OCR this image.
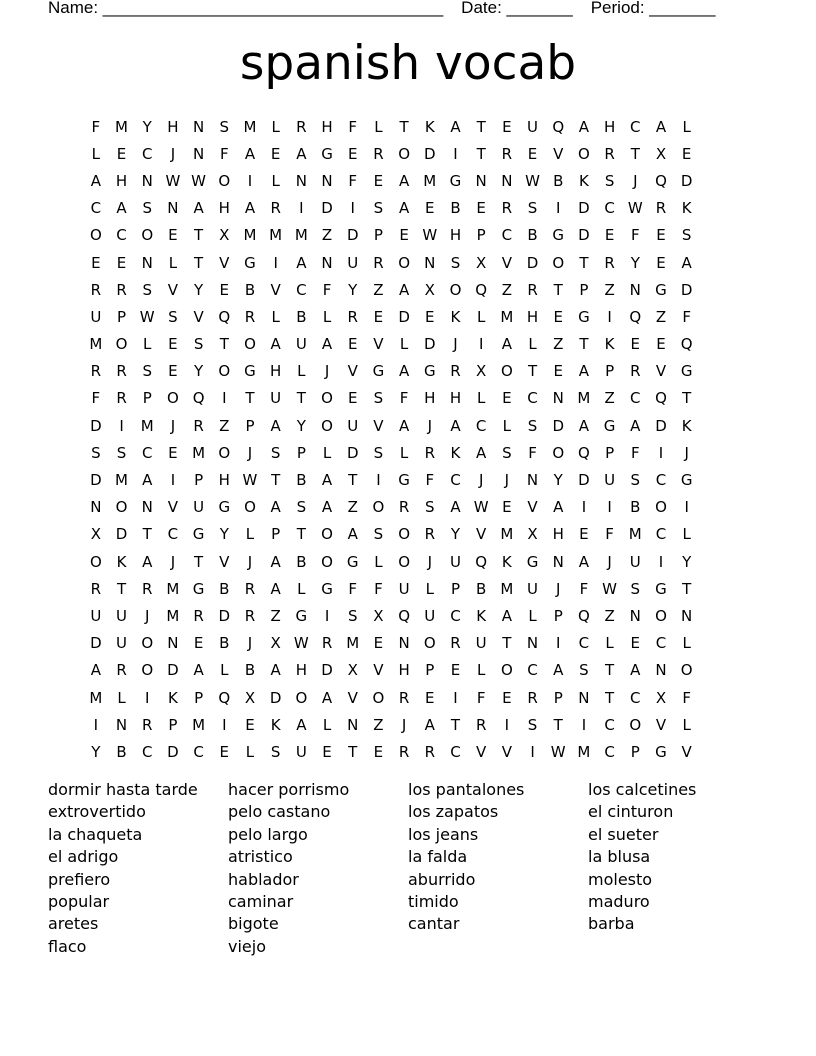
Name: ____________________________________ Date: _______ Period: _______
spanish vocab
F M Y	H N	S M	L	R H	F	L	T	K	A	T	E	U Q A H C	A	L
L	E	C	J	N	F	A	E	A G	E	R O D	I	T	R	E	V O R	T	X	E
A H N W W O	I	L	N N	F	E	A M G N N W B	K	S	J	Q D
C	A	S	N A H A	R	I	D	I	S	A	E	B	E	R	S	I	D C W R	K
O C O	E	T	X M M M Z D	P	E W H	P	C	B G D	E	F	E	S
E	E	N	L	T	V G	I	A N U R O N	S	X	V D O	T	R	Y	E	A
R	R	S	V	Y	E	B	V	C	F	Y	Z	A	X O Q Z	R	T	P	Z N G D
U	P W S	V Q R	L	B	L	R	E	D	E	K	L	M H	E	G	I	Q Z	F
M O	L	E	S	T	O A	U	A	E	V	L	D	J	I	A	L	Z	T	K	E	E	Q
R	R	S	E	Y	O G H	L	J	V G A G R	X O	T	E	A	P	R	V G
F	R	P	O Q	I	T	U	T	O	E	S	F	H H	L	E	C N M Z	C Q	T
D	I	M	J	R	Z	P	A	Y	O U	V	A	J	A	C	L	S	D A G A D K
S	S	C	E M O	J	S	P	L	D	S	L	R	K	A	S	F	O Q	P	F	I	J
D M A	I	P	H W T	B	A	T	I	G	F	C	J	J	N	Y	D U	S	C G
N O N V	U G O A	S	A	Z O R	S	A W E	V	A	I	I	B O	I
X D	T	C G	Y	L	P	T	O A	S	O R	Y	V M X H	E	F M C	L
O K	A	J	T	V	J	A	B O G	L	O	J	U Q K G N A	J	U	I	Y
R	T	R M G B	R	A	L	G	F	F	U	L	P	B M U	J	F W S	G	T
U U	J	M R D R	Z G	I	S	X Q U C	K	A	L	P	Q Z N O N
D U O N	E	B	J	X W R M E	N O R U	T	N	I	C	L	E	C	L
A	R O D A	L	B	A H D X	V H	P	E	L	O C	A	S	T	A N O
M	L	I	K	P	Q X D O A	V O R	E	I	F	E	R	P	N	T	C	X	F
I	N R	P M	I	E	K	A	L	N Z	J	A	T	R	I	S	T	I	C O V	L
Y	B	C D C	E	L	S	U	E	T	E	R	R	C	V	V	I	W M C	P	G V
dormir hasta tarde
extrovertido
la chaqueta
el adrigo
prefiero
popular
aretes
flaco
hacer porrismo
pelo castano
pelo largo
atristico
hablador
caminar
bigote
viejo
los pantalones
los zapatos
los jeans
la falda
aburrido
timido
cantar
los calcetines
el cinturon
el sueter
la blusa
molesto
maduro
barba
